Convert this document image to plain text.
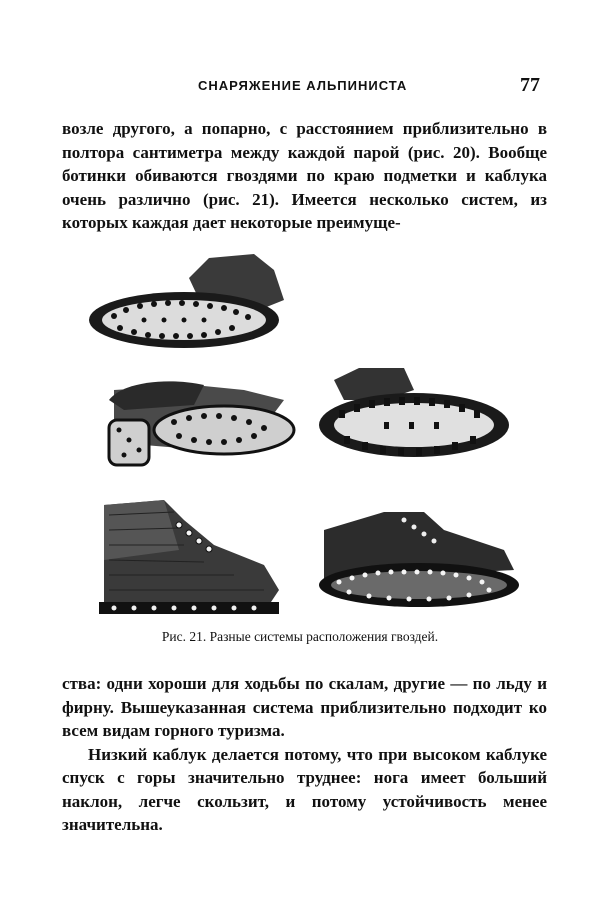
СНАРЯЖЕНИЕ АЛЬПИНИСТА	77

возле другого, а попарно, с расстоянием приблизительно в полтора сантиметра между каждой парой (рис. 20). Вообще ботинки обиваются гвоздями по краю подметки и каблука очень различно (рис. 21). Имеется несколько систем, из которых каждая дает некоторые преимуще-

Рис. 21. Разные системы расположения гвоздей.

ства: одни хороши для ходьбы по скалам, другие — по льду и фирну. Вышеуказанная система приблизительно подходит ко всем видам горного туризма.

Низкий каблук делается потому, что при высоком каблуке спуск с горы значительно труднее: нога имеет больший наклон, легче скользит, и потому устойчивость менее значительна.
